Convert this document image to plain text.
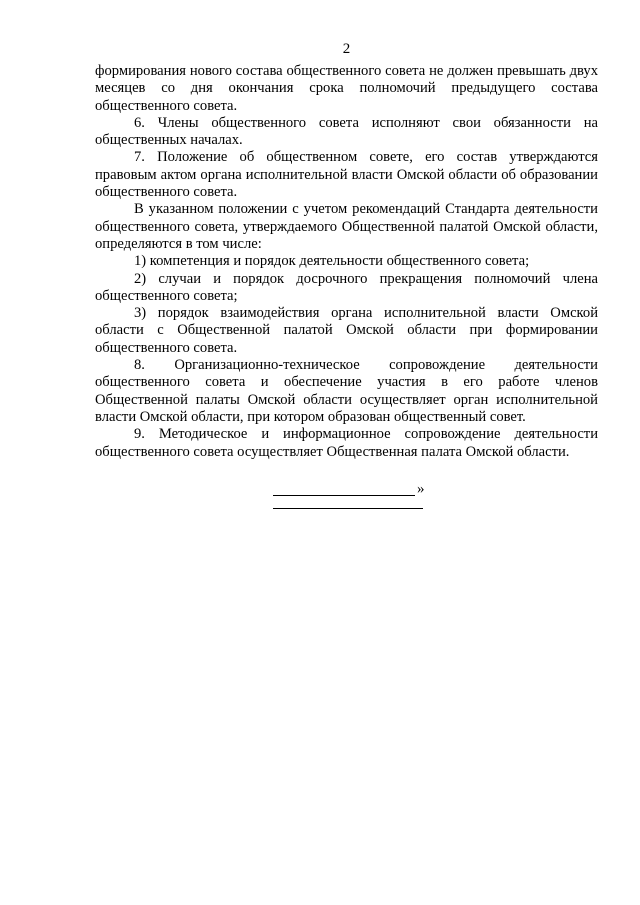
2

формирования нового состава общественного совета не должен превышать двух месяцев со дня окончания срока полномочий предыдущего состава общественного совета.

6. Члены общественного совета исполняют свои обязанности на общественных началах.

7. Положение об общественном совете, его состав утверждаются правовым актом органа исполнительной власти Омской области об образовании общественного совета.

В указанном положении с учетом рекомендаций Стандарта деятельности общественного совета, утверждаемого Общественной палатой Омской области, определяются в том числе:

1) компетенция и порядок деятельности общественного совета;

2) случаи и порядок досрочного прекращения полномочий члена общественного совета;

3) порядок взаимодействия органа исполнительной власти Омской области с Общественной палатой Омской области при формировании общественного совета.

8. Организационно-техническое сопровождение деятельности общественного совета и обеспечение участия в его работе членов Общественной палаты Омской области осуществляет орган исполнительной власти Омской области, при котором образован общественный совет.

9. Методическое и информационное сопровождение деятельности общественного совета осуществляет Общественная палата Омской области.

»
